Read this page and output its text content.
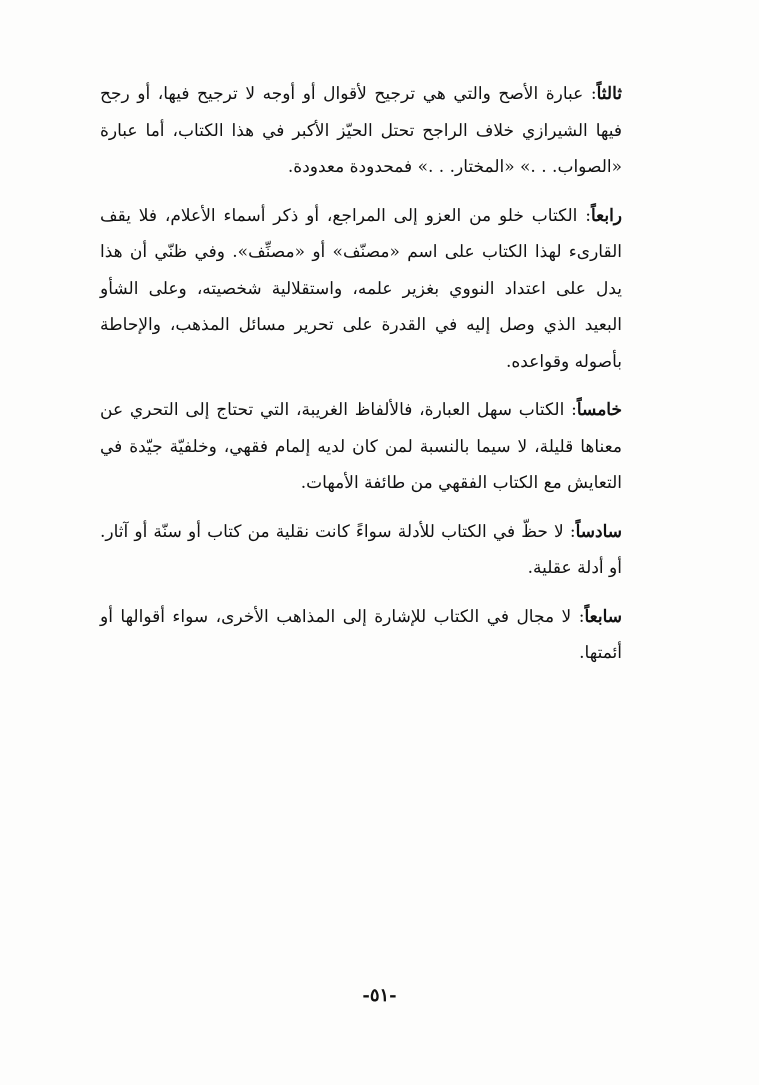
ثالثاً: عبارة الأصح والتي هي ترجيح لأقوال أو أوجه لا ترجيح فيها، أو رجح فيها الشيرازي خلاف الراجح تحتل الحيّز الأكبر في هذا الكتاب، أما عبارة «الصواب. . .» «المختار. . .» فمحدودة معدودة.

رابعاً: الكتاب خلو من العزو إلى المراجع، أو ذكر أسماء الأعلام، فلا يقف القارىء لهذا الكتاب على اسم «مصنّف» أو «مصنِّف». وفي ظنّي أن هذا يدل على اعتداد النووي بغزير علمه، واستقلالية شخصيته، وعلى الشأو البعيد الذي وصل إليه في القدرة على تحرير مسائل المذهب، والإحاطة بأصوله وقواعده.

خامساً: الكتاب سهل العبارة، فالألفاظ الغريبة، التي تحتاج إلى التحري عن معناها قليلة، لا سيما بالنسبة لمن كان لديه إلمام فقهي، وخلفيّة جيّدة في التعايش مع الكتاب الفقهي من طائفة الأمهات.

سادساً: لا حظّ في الكتاب للأدلة سواءً كانت نقلية من كتاب أو سنّة أو آثار. أو أدلة عقلية.

سابعاً: لا مجال في الكتاب للإشارة إلى المذاهب الأخرى، سواء أقوالها أو أئمتها.

-٥١-
